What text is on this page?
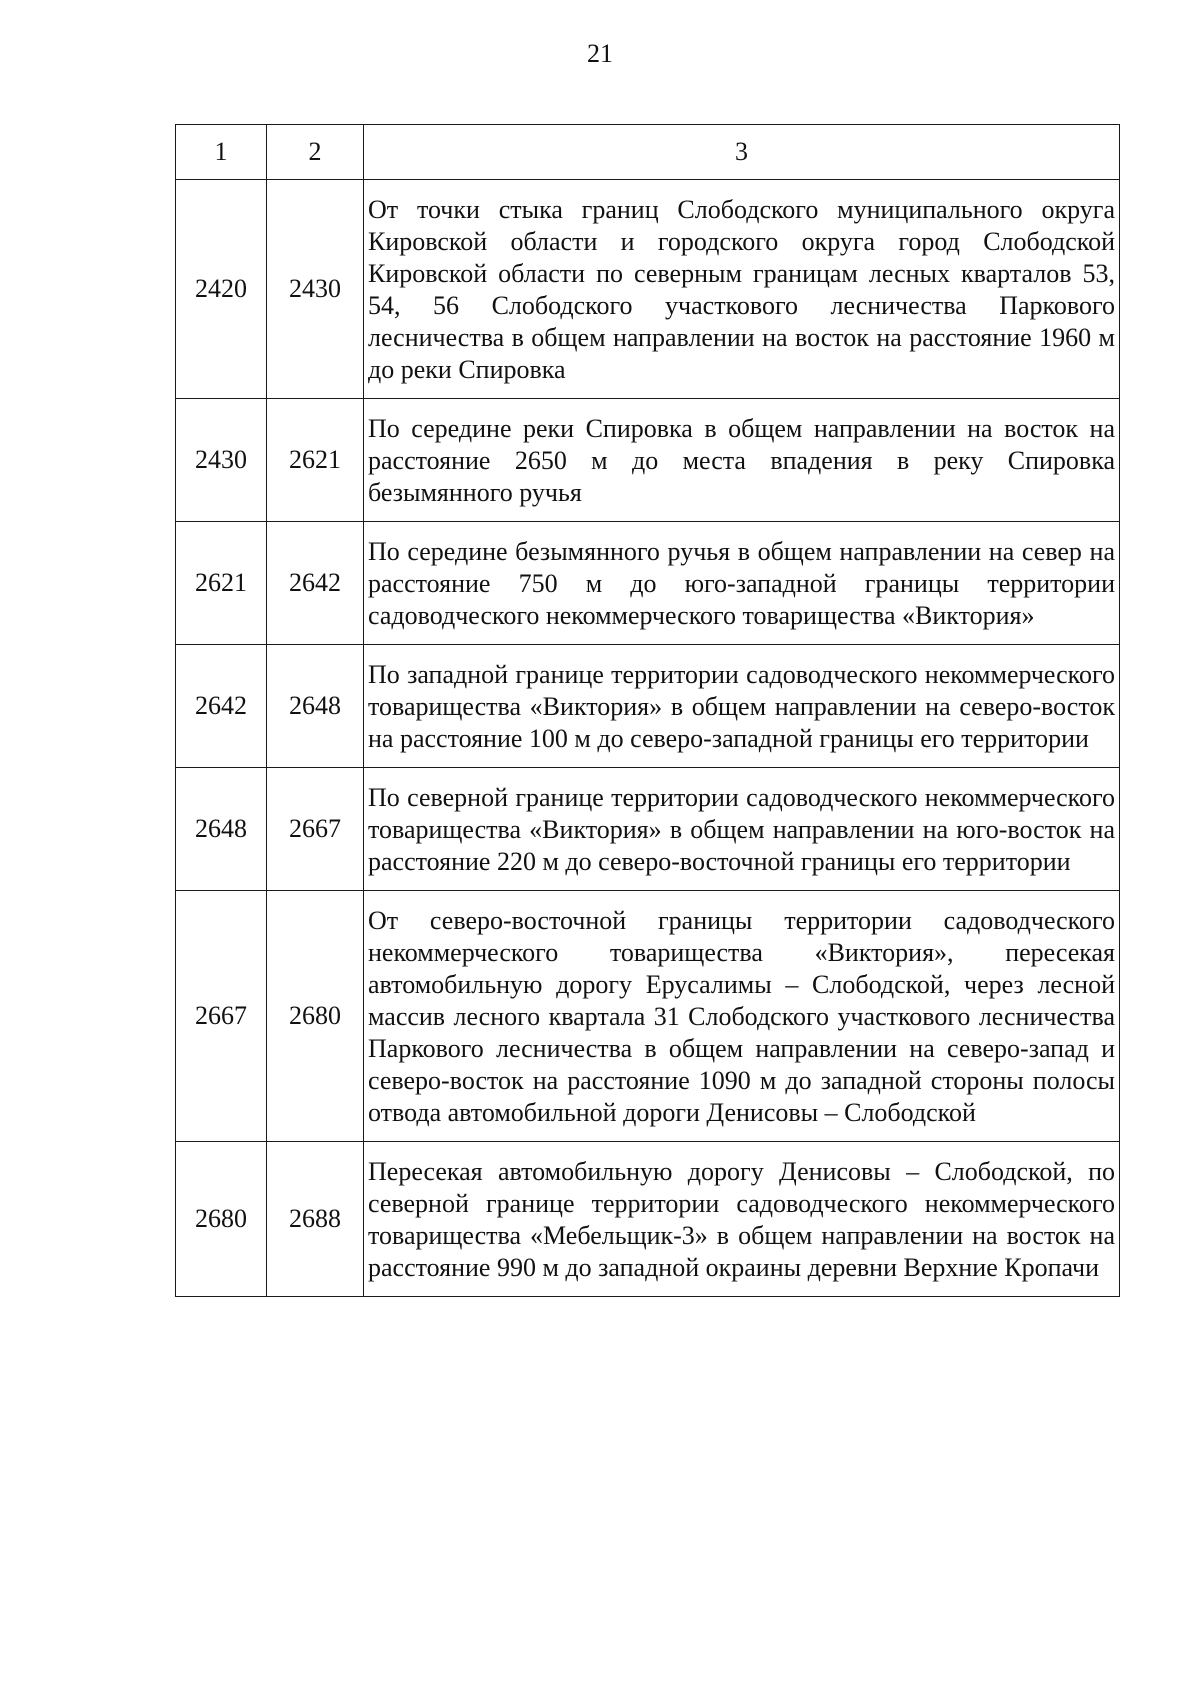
21
1	2	3
2420	2430	От точки стыка границ Слободского муниципального округа Кировской области и городского округа город Слободской Кировской области по северным границам лесных кварталов 53, 54, 56 Слободского участкового лесничества Паркового лесничества в общем направлении на восток на расстояние 1960 м до реки Спировка
2430	2621	По середине реки Спировка в общем направлении на восток на расстояние 2650 м до места впадения в реку Спировка безымянного ручья
2621	2642	По середине безымянного ручья в общем направлении на север на расстояние 750 м до юго-западной границы территории садоводческого некоммерческого товарищества «Виктория»
2642	2648	По западной границе территории садоводческого некоммерческого товарищества «Виктория» в общем направлении на северо-восток на расстояние 100 м до северо-западной границы его территории
2648	2667	По северной границе территории садоводческого некоммерческого товарищества «Виктория» в общем направлении на юго-восток на расстояние 220 м до северо-восточной границы его территории
2667	2680	От северо-восточной границы территории садоводческого некоммерческого товарищества «Виктория», пересекая автомобильную дорогу Ерусалимы – Слободской, через лесной массив лесного квартала 31 Слободского участкового лесничества Паркового лесничества в общем направлении на северо-запад и северо-восток на расстояние 1090 м до западной стороны полосы отвода автомобильной дороги Денисовы – Слободской
2680	2688	Пересекая автомобильную дорогу Денисовы – Слободской, по северной границе территории садоводческого некоммерческого товарищества «Мебельщик-3» в общем направлении на восток на расстояние 990 м до западной окраины деревни Верхние Кропачи
